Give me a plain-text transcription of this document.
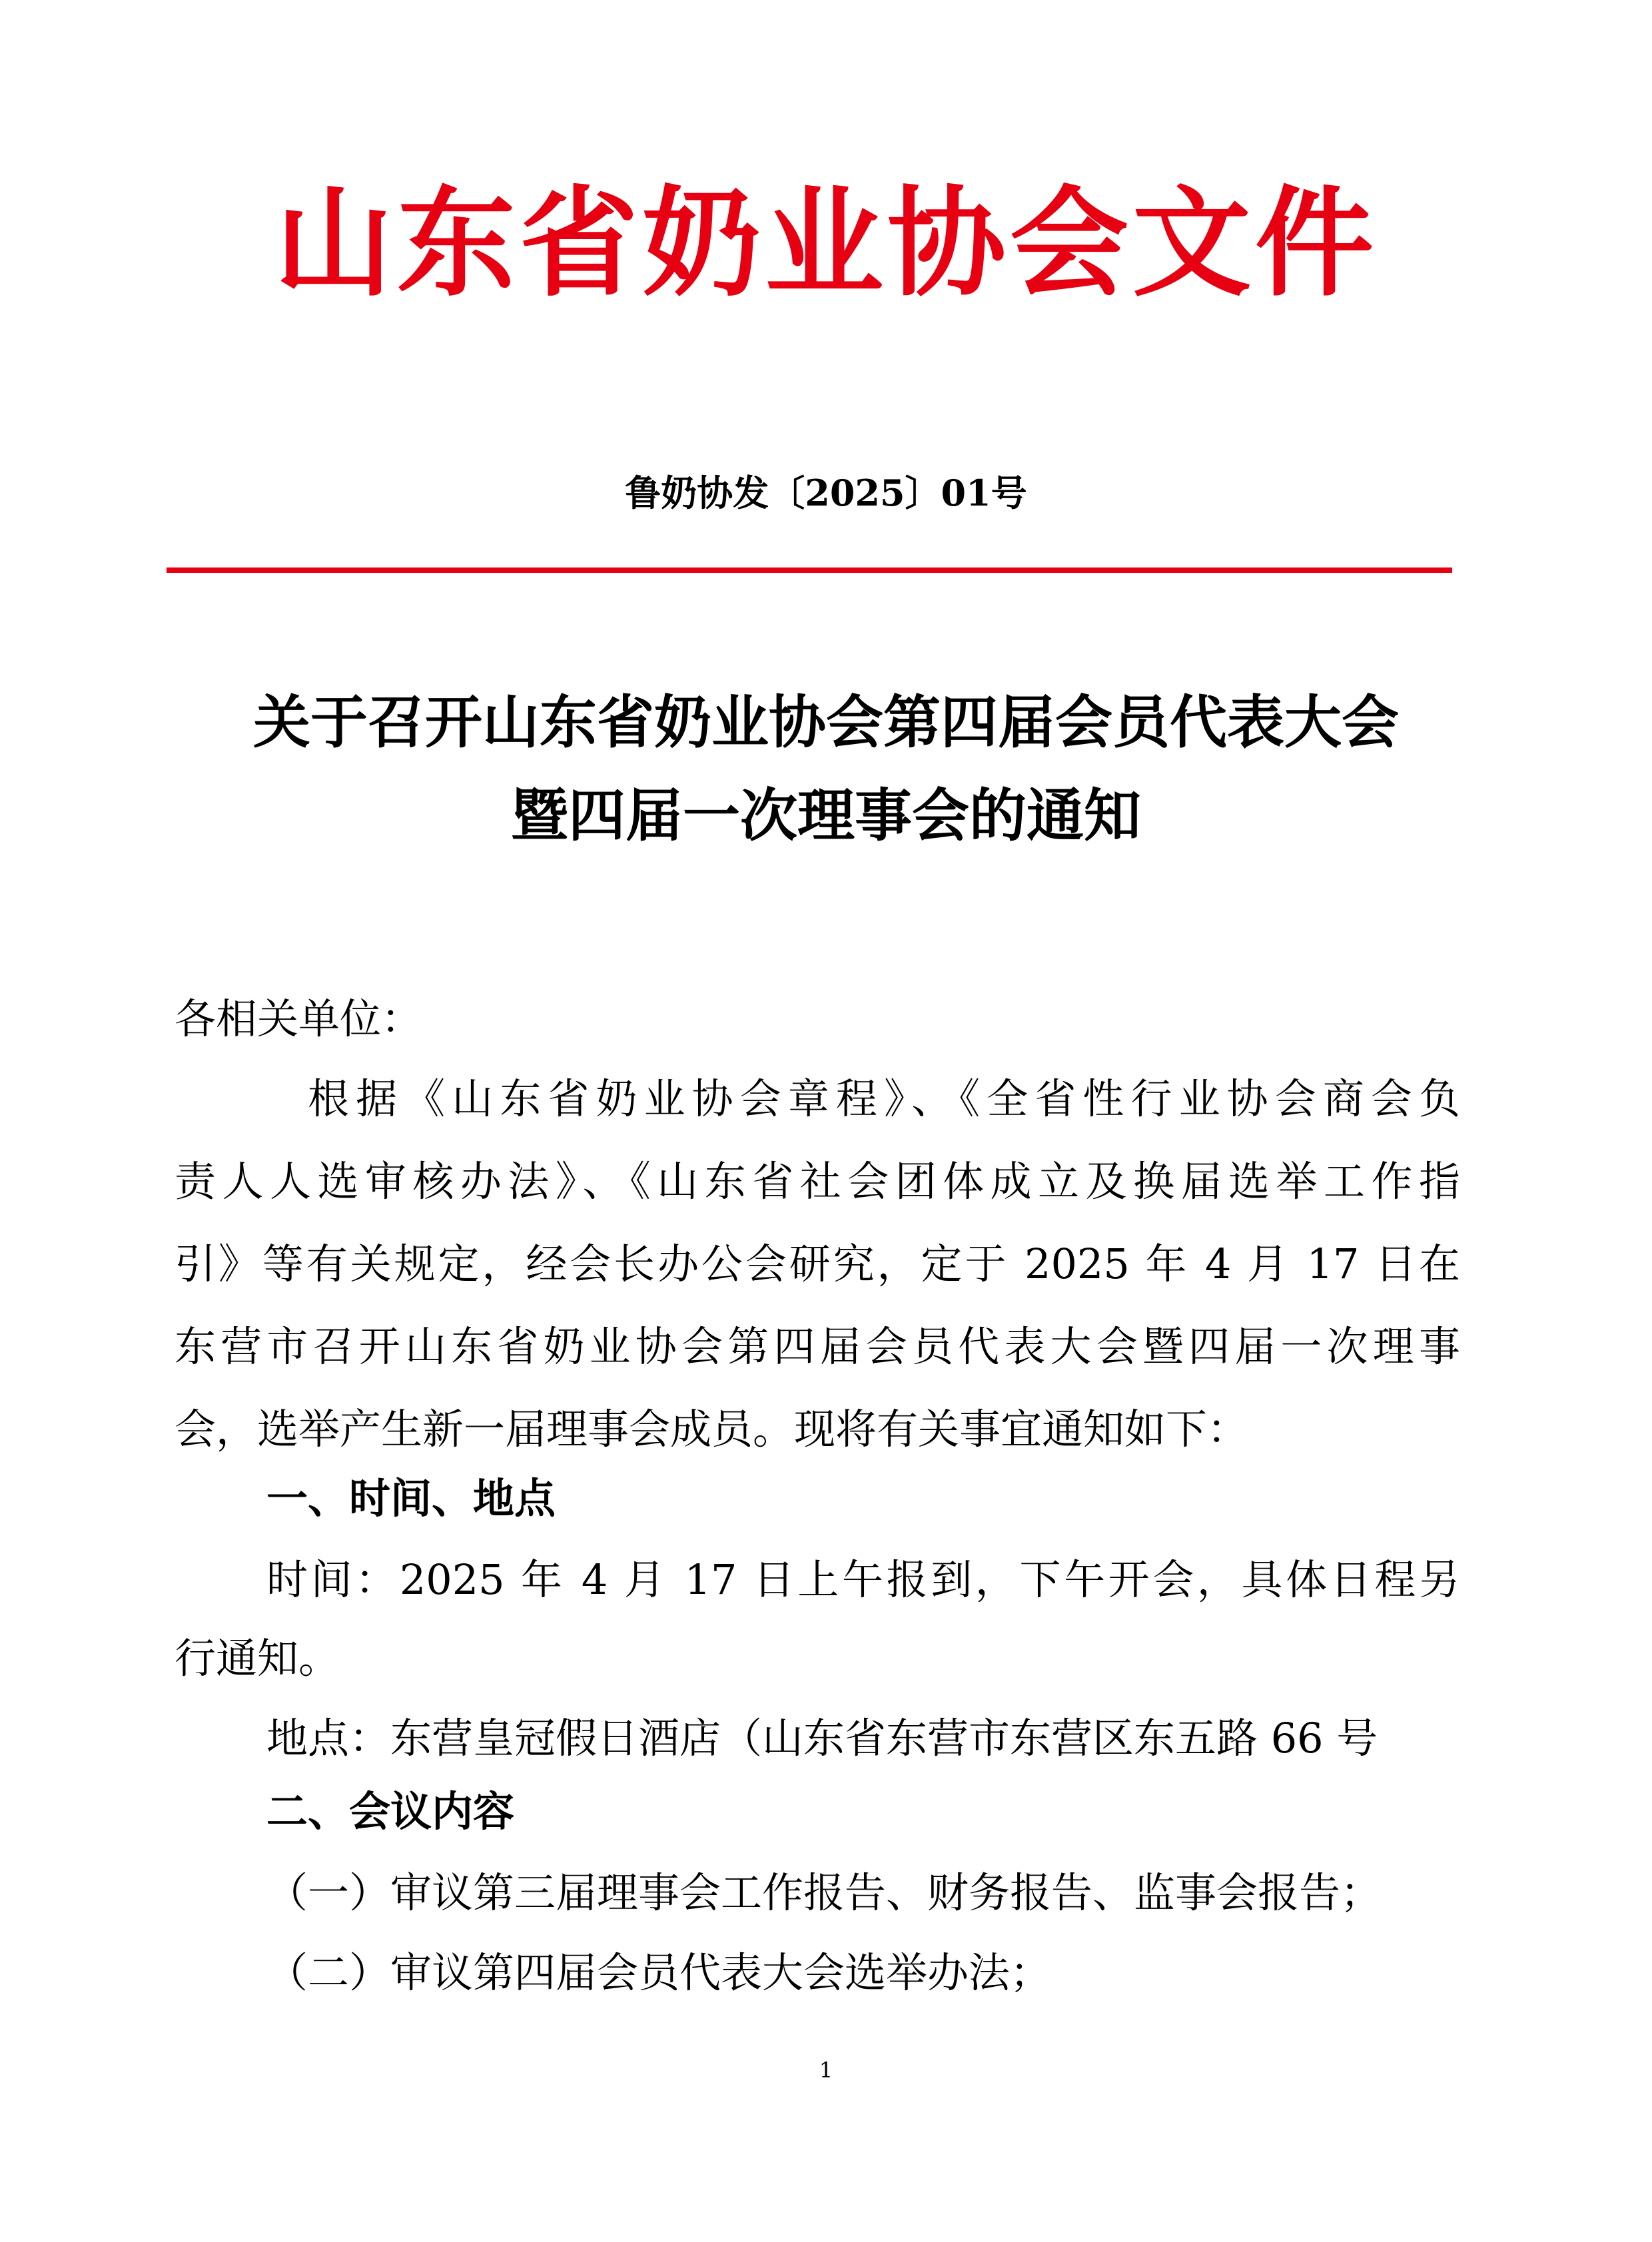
山东省奶业协会文件
鲁奶协发〔2025〕01号
关于召开山东省奶业协会第四届会员代表大会
暨四届一次理事会的通知
各相关单位：
根据《山东省奶业协会章程》、《全省性行业协会商会负
责人人选审核办法》、《山东省社会团体成立及换届选举工作指
引》等有关规定，经会长办公会研究，定于 2025 年 4 月 17 日在
东营市召开山东省奶业协会第四届会员代表大会暨四届一次理事
会，选举产生新一届理事会成员。现将有关事宜通知如下：
一、时间、地点
时间：2025 年 4 月 17 日上午报到，下午开会，具体日程另
行通知。
地点：东营皇冠假日酒店（山东省东营市东营区东五路 66 号
二、会议内容
（一）审议第三届理事会工作报告、财务报告、监事会报告；
（二）审议第四届会员代表大会选举办法；
1
